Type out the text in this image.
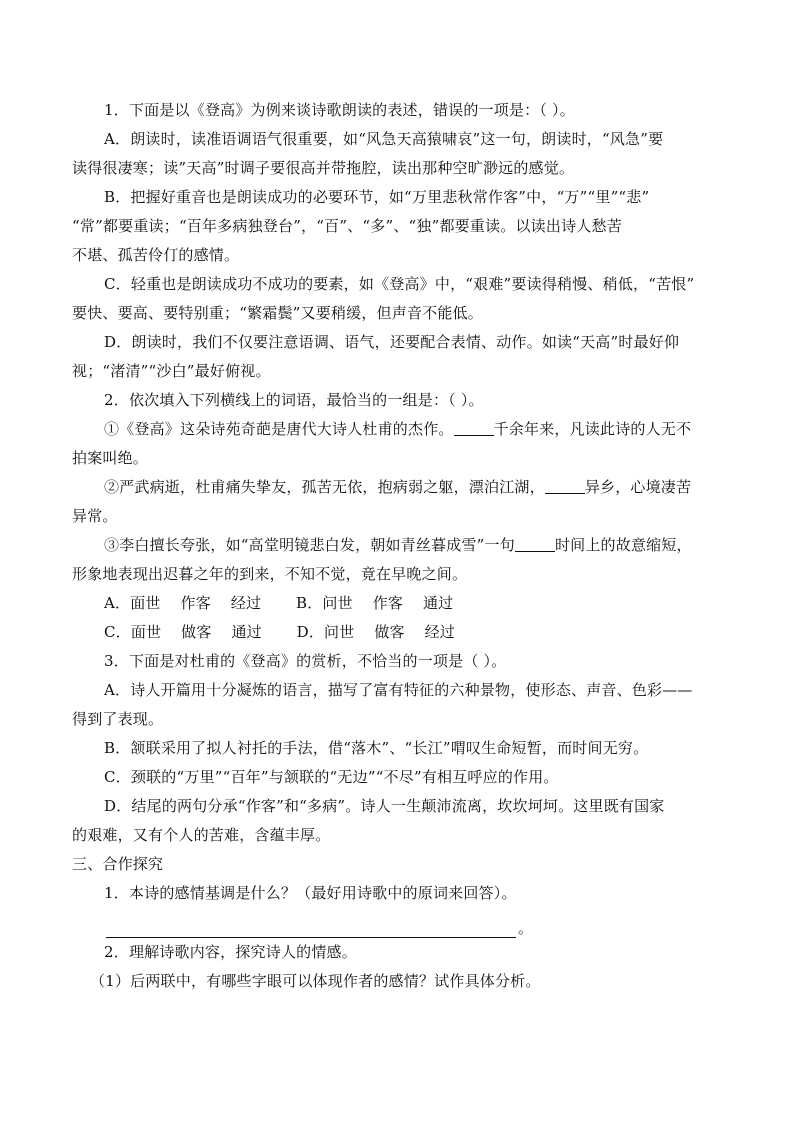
1．下面是以《登高》为例来谈诗歌朗读的表述，错误的一项是：（ ）。

A．朗读时，读准语调语气很重要，如“风急天高猿啸哀”这一句，朗读时，“风急”要

读得很凄寒；读”天高”时调子要很高并带拖腔，读出那种空旷渺远的感觉。

B．把握好重音也是朗读成功的必要环节，如“万里悲秋常作客”中，“万”“里”“悲”

“常”都要重读；“百年多病独登台”，“百”、“多”、“独”都要重读。以读出诗人愁苦

不堪、孤苦伶仃的感情。

C．轻重也是朗读成功不成功的要素，如《登高》中，“艰难”要读得稍慢、稍低，“苦恨”

要快、要高、要特别重；“繁霜鬓”又要稍缓，但声音不能低。

D．朗读时，我们不仅要注意语调、语气，还要配合表情、动作。如读“天高”时最好仰

视；“渚清”“沙白”最好俯视。

2．依次填入下列横线上的词语，最恰当的一组是：（ ）。

①《登高》这朵诗苑奇葩是唐代大诗人杜甫的杰作。	千余年来，凡读此诗的人无不

拍案叫绝。

②严武病逝，杜甫痛失挚友，孤苦无依，抱病弱之躯，漂泊江湖，	异乡，心境凄苦

异常。

③李白擅长夸张，如“高堂明镜悲白发，朝如青丝暮成雪”一句	时间上的故意缩短，

形象地表现出迟暮之年的到来，不知不觉，竟在早晚之间。

A．面世 作客 经过 B．问世 作客 通过

C．面世 做客 通过 D．问世 做客 经过

3．下面是对杜甫的《登高》的赏析，不恰当的一项是（ ）。

A．诗人开篇用十分凝炼的语言，描写了富有特征的六种景物，使形态、声音、色彩——

得到了表现。

B．颔联采用了拟人衬托的手法，借“落木”、“长江”喟叹生命短暂，而时间无穷。

C．颈联的“万里”“百年”与颔联的“无边”“不尽”有相互呼应的作用。

D．结尾的两句分承“作客”和“多病”。诗人一生颠沛流离，坎坎坷坷。这里既有国家

的艰难，又有个人的苦难，含蕴丰厚。

三、合作探究

1．本诗的感情基调是什么？（最好用诗歌中的原词来回答）。

。

2．理解诗歌内容，探究诗人的情感。

（1）后两联中，有哪些字眼可以体现作者的感情？试作具体分析。
